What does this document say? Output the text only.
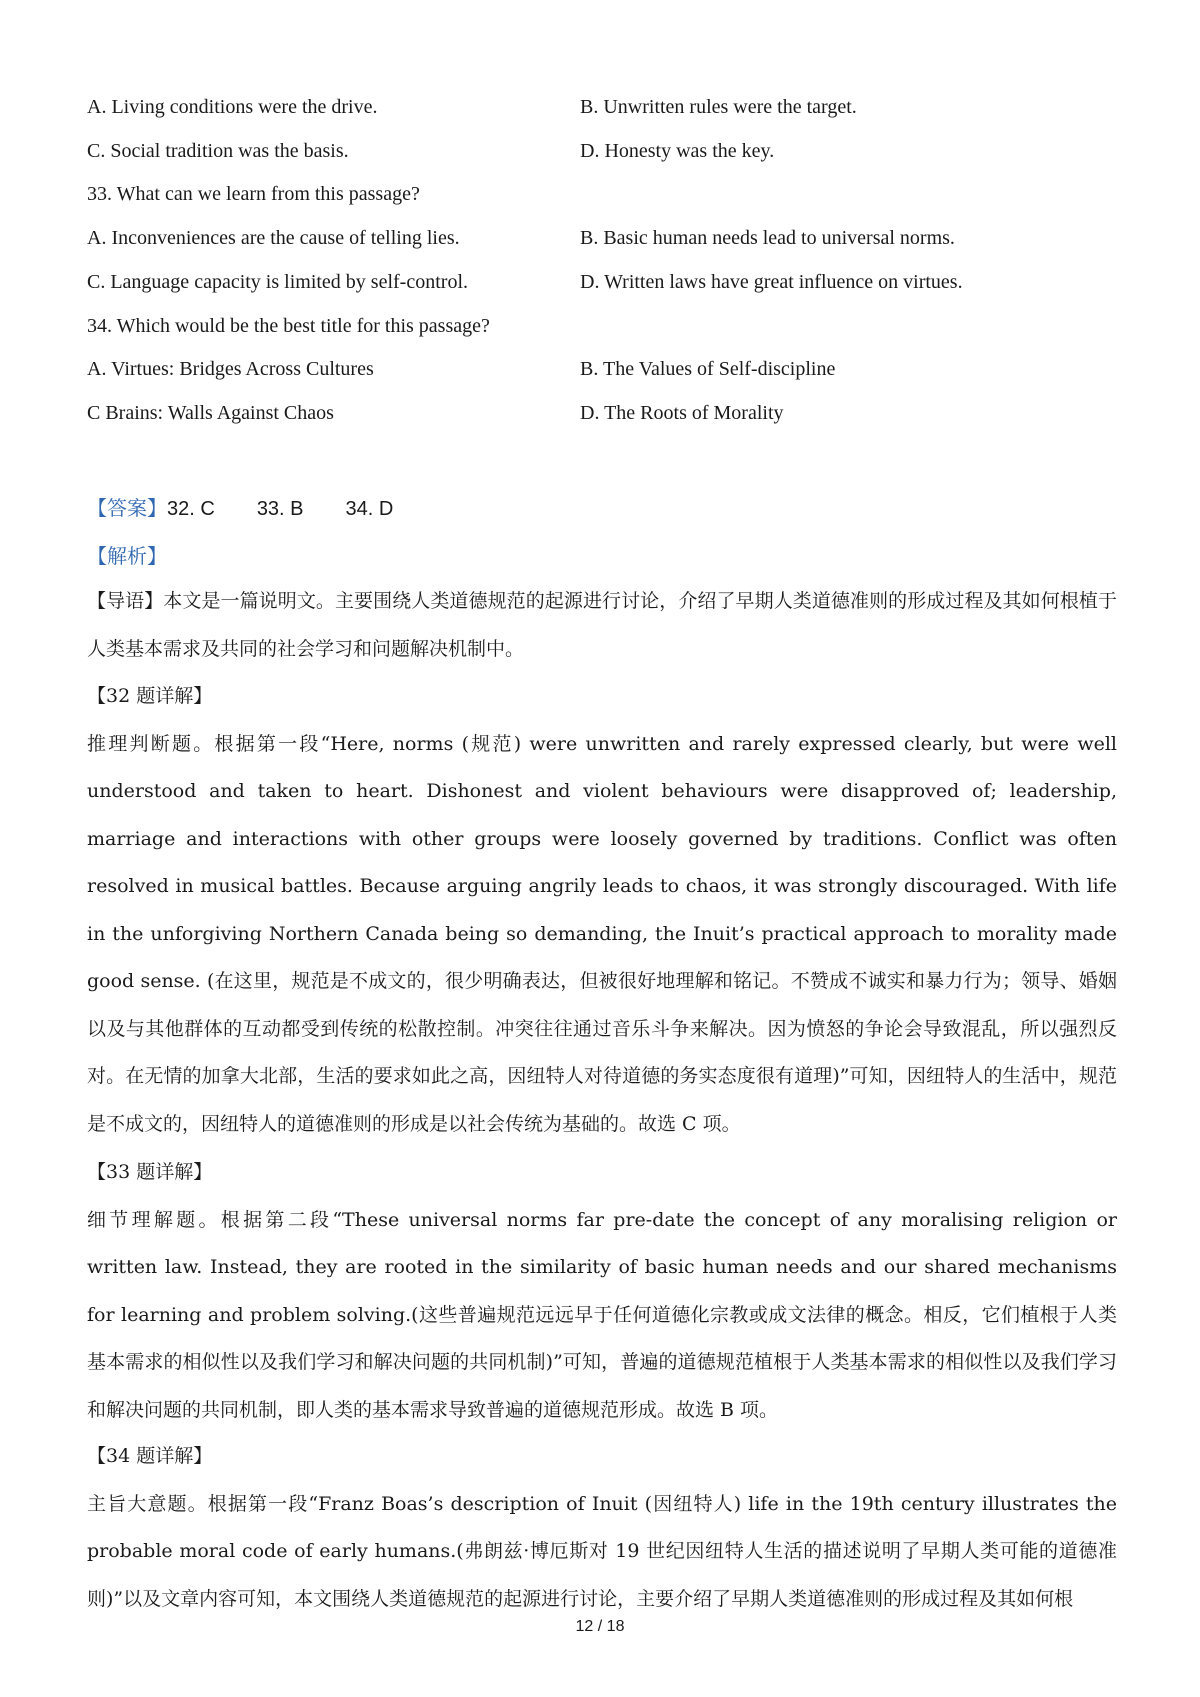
A. Living conditions were the drive.	B. Unwritten rules were the target.
C. Social tradition was the basis.	D. Honesty was the key.
33. What can we learn from this passage?
A. Inconveniences are the cause of telling lies.	B. Basic human needs lead to universal norms.
C. Language capacity is limited by self-control.	D. Written laws have great influence on virtues.
34. Which would be the best title for this passage?
A. Virtues: Bridges Across Cultures	B. The Values of Self-discipline
C Brains: Walls Against Chaos	D. The Roots of Morality
【答案】32. C 33. B 34. D
【解析】

【导语】本文是一篇说明文。主要围绕人类道德规范的起源进行讨论，介绍了早期人类道德准则的形成过程及其如何根植于人类基本需求及共同的社会学习和问题解决机制中。

【32 题详解】

推理判断题。根据第一段“Here, norms (规范) were unwritten and rarely expressed clearly, but were well understood and taken to heart. Dishonest and violent behaviours were disapproved of; leadership, marriage and interactions with other groups were loosely governed by traditions. Conflict was often resolved in musical battles. Because arguing angrily leads to chaos, it was strongly discouraged. With life in the unforgiving Northern Canada being so demanding, the Inuit’s practical approach to morality made good sense. (在这里，规范是不成文的，很少明确表达，但被很好地理解和铭记。不赞成不诚实和暴力行为；领导、婚姻以及与其他群体的互动都受到传统的松散控制。冲突往往通过音乐斗争来解决。因为愤怒的争论会导致混乱，所以强烈反对。在无情的加拿大北部，生活的要求如此之高，因纽特人对待道德的务实态度很有道理)”可知，因纽特人的生活中，规范是不成文的，因纽特人的道德准则的形成是以社会传统为基础的。故选 C 项。

【33 题详解】

细节理解题。根据第二段“These universal norms far pre-date the concept of any moralising religion or written law. Instead, they are rooted in the similarity of basic human needs and our shared mechanisms for learning and problem solving.(这些普遍规范远远早于任何道德化宗教或成文法律的概念。相反，它们植根于人类基本需求的相似性以及我们学习和解决问题的共同机制)”可知，普遍的道德规范植根于人类基本需求的相似性以及我们学习和解决问题的共同机制，即人类的基本需求导致普遍的道德规范形成。故选 B 项。

【34 题详解】

主旨大意题。根据第一段“Franz Boas’s description of Inuit (因纽特人) life in the 19th century illustrates the probable moral code of early humans.(弗朗兹·博厄斯对 19 世纪因纽特人生活的描述说明了早期人类可能的道德准则)”以及文章内容可知，本文围绕人类道德规范的起源进行讨论，主要介绍了早期人类道德准则的形成过程及其如何根

12 / 18
